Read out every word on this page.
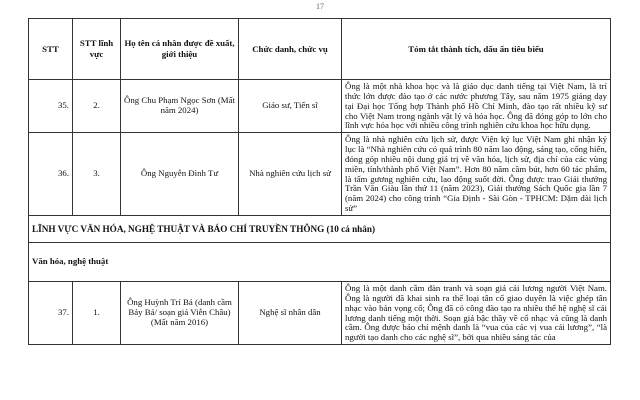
17
STT	STT lĩnh vực	Họ tên cá nhân được đề xuất, giới thiệu	Chức danh, chức vụ	Tóm tắt thành tích, dấu ấn tiêu biểu
35.	2.	Ông Chu Phạm Ngọc Sơn (Mất năm 2024)	Giáo sư, Tiến sĩ	Ông là một nhà khoa học và là giáo dục danh tiếng tại Việt Nam, là trí thức lớn được đào tạo ở các nước phương Tây, sau năm 1975 giảng dạy tại Đại học Tổng hợp Thành phố Hồ Chí Minh, đào tạo rất nhiều kỹ sư cho Việt Nam trong ngành vật lý và hóa học. Ông đã đóng góp to lớn cho lĩnh vực hóa học với nhiều công trình nghiên cứu khoa học hữu dụng.
36.	3.	Ông Nguyễn Đình Tư	Nhà nghiên cứu lịch sử	Ông là nhà nghiên cứu lịch sử, được Viện kỷ lục Việt Nam ghi nhận kỷ lục là “Nhà nghiên cứu có quá trình 80 năm lao động, sáng tạo, cống hiến, đóng góp nhiều nội dung giá trị về văn hóa, lịch sử, địa chí của các vùng miền, tỉnh/thành phố Việt Nam”. Hơn 80 năm cầm bút, hơn 60 tác phẩm, là tấm gương nghiên cứu, lao động suốt đời. Ông được trao Giải thưởng Trần Văn Giàu lần thứ 11 (năm 2023), Giải thưởng Sách Quốc gia lần 7 (năm 2024) cho công trình “Gia Định - Sài Gòn - TPHCM: Dặm dài lịch sử”
LĨNH VỰC VĂN HÓA, NGHỆ THUẬT VÀ BÁO CHÍ TRUYỀN THÔNG (10 cá nhân)				
Văn hóa, nghệ thuật				
37.	1.	Ông Huỳnh Trí Bá (danh cầm Bảy Bá/ soạn giả Viễn Châu) (Mất năm 2016)	Nghệ sĩ nhân dân	Ông là một danh cầm đàn tranh và soạn giả cải lương người Việt Nam. Ông là người đã khai sinh ra thể loại tân cổ giao duyên là việc ghép tân nhạc vào bản vọng cổ; Ông đã có công đào tạo ra nhiều thế hệ nghệ sĩ cải lương danh tiếng một thời. Soạn giả bậc thầy về cổ nhạc và cũng là danh cầm. Ông được báo chí mệnh danh là “vua của các vị vua cải lương”, “là người tạo danh cho các nghệ sĩ”, bởi qua nhiều sáng tác của
